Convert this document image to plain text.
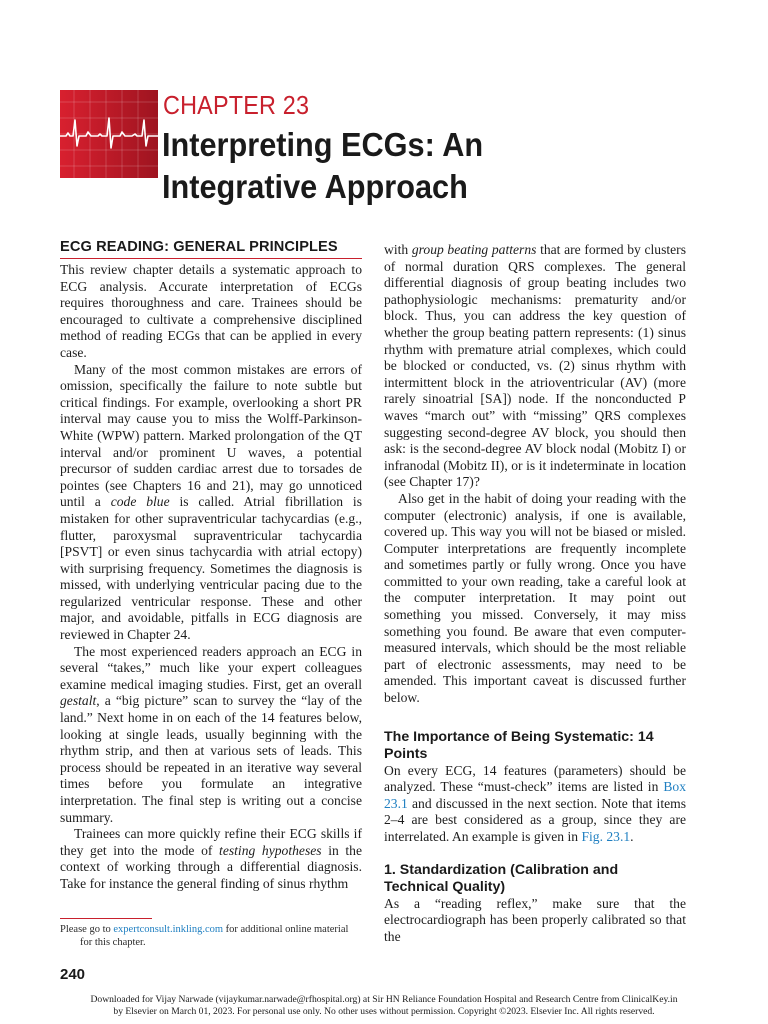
CHAPTER 23
Interpreting ECGs: An
Integrative Approach
ECG READING: GENERAL PRINCIPLES

This review chapter details a systematic approach to ECG analysis. Accurate interpretation of ECGs requires thoroughness and care. Trainees should be encouraged to cultivate a comprehensive disciplined method of reading ECGs that can be applied in every case.

Many of the most common mistakes are errors of omission, specifically the failure to note subtle but critical findings. For example, overlooking a short PR interval may cause you to miss the Wolff-Parkinson-White (WPW) pattern. Marked prolongation of the QT interval and/or prominent U waves, a potential precursor of sudden cardiac arrest due to torsades de pointes (see Chapters 16 and 21), may go unnoticed until a code blue is called. Atrial fibrillation is mistaken for other supraventricular tachycardias (e.g., flutter, paroxysmal supraventricular tachycardia [PSVT] or even sinus tachycardia with atrial ectopy) with surprising frequency. Sometimes the diagnosis is missed, with underlying ventricular pacing due to the regularized ventricular response. These and other major, and avoidable, pitfalls in ECG diagnosis are reviewed in Chapter 24.

The most experienced readers approach an ECG in several “takes,” much like your expert colleagues examine medical imaging studies. First, get an overall gestalt, a “big picture” scan to survey the “lay of the land.” Next home in on each of the 14 features below, looking at single leads, usually beginning with the rhythm strip, and then at various sets of leads. This process should be repeated in an iterative way several times before you formulate an integrative interpretation. The final step is writing out a concise summary.

Trainees can more quickly refine their ECG skills if they get into the mode of testing hypotheses in the context of working through a differential diagnosis. Take for instance the general finding of sinus rhythm

with group beating patterns that are formed by clusters of normal duration QRS complexes. The general differential diagnosis of group beating includes two pathophysiologic mechanisms: prematurity and/or block. Thus, you can address the key question of whether the group beating pattern represents: (1) sinus rhythm with premature atrial complexes, which could be blocked or conducted, vs. (2) sinus rhythm with intermittent block in the atrioventricular (AV) (more rarely sinoatrial [SA]) node. If the nonconducted P waves “march out” with “missing” QRS complexes suggesting second-degree AV block, you should then ask: is the second-degree AV block nodal (Mobitz I) or infranodal (Mobitz II), or is it indeterminate in location (see Chapter 17)?

Also get in the habit of doing your reading with the computer (electronic) analysis, if one is available, covered up. This way you will not be biased or misled. Computer interpretations are frequently incomplete and sometimes partly or fully wrong. Once you have committed to your own reading, take a careful look at the computer interpretation. It may point out something you missed. Conversely, it may miss something you found. Be aware that even computer-measured intervals, which should be the most reliable part of electronic assessments, may need to be amended. This important caveat is discussed further below.

The Importance of Being Systematic: 14 Points

On every ECG, 14 features (parameters) should be analyzed. These “must-check” items are listed in Box 23.1 and discussed in the next section. Note that items 2–4 are best considered as a group, since they are interrelated. An example is given in Fig. 23.1.

1. Standardization (Calibration and Technical Quality)

As a “reading reflex,” make sure that the electrocardiograph has been properly calibrated so that the

Please go to expertconsult.inkling.com for additional online material
for this chapter.
240
Downloaded for Vijay Narwade (vijaykumar.narwade@rfhospital.org) at Sir HN Reliance Foundation Hospital and Research Centre from ClinicalKey.in
by Elsevier on March 01, 2023. For personal use only. No other uses without permission. Copyright ©2023. Elsevier Inc. All rights reserved.
